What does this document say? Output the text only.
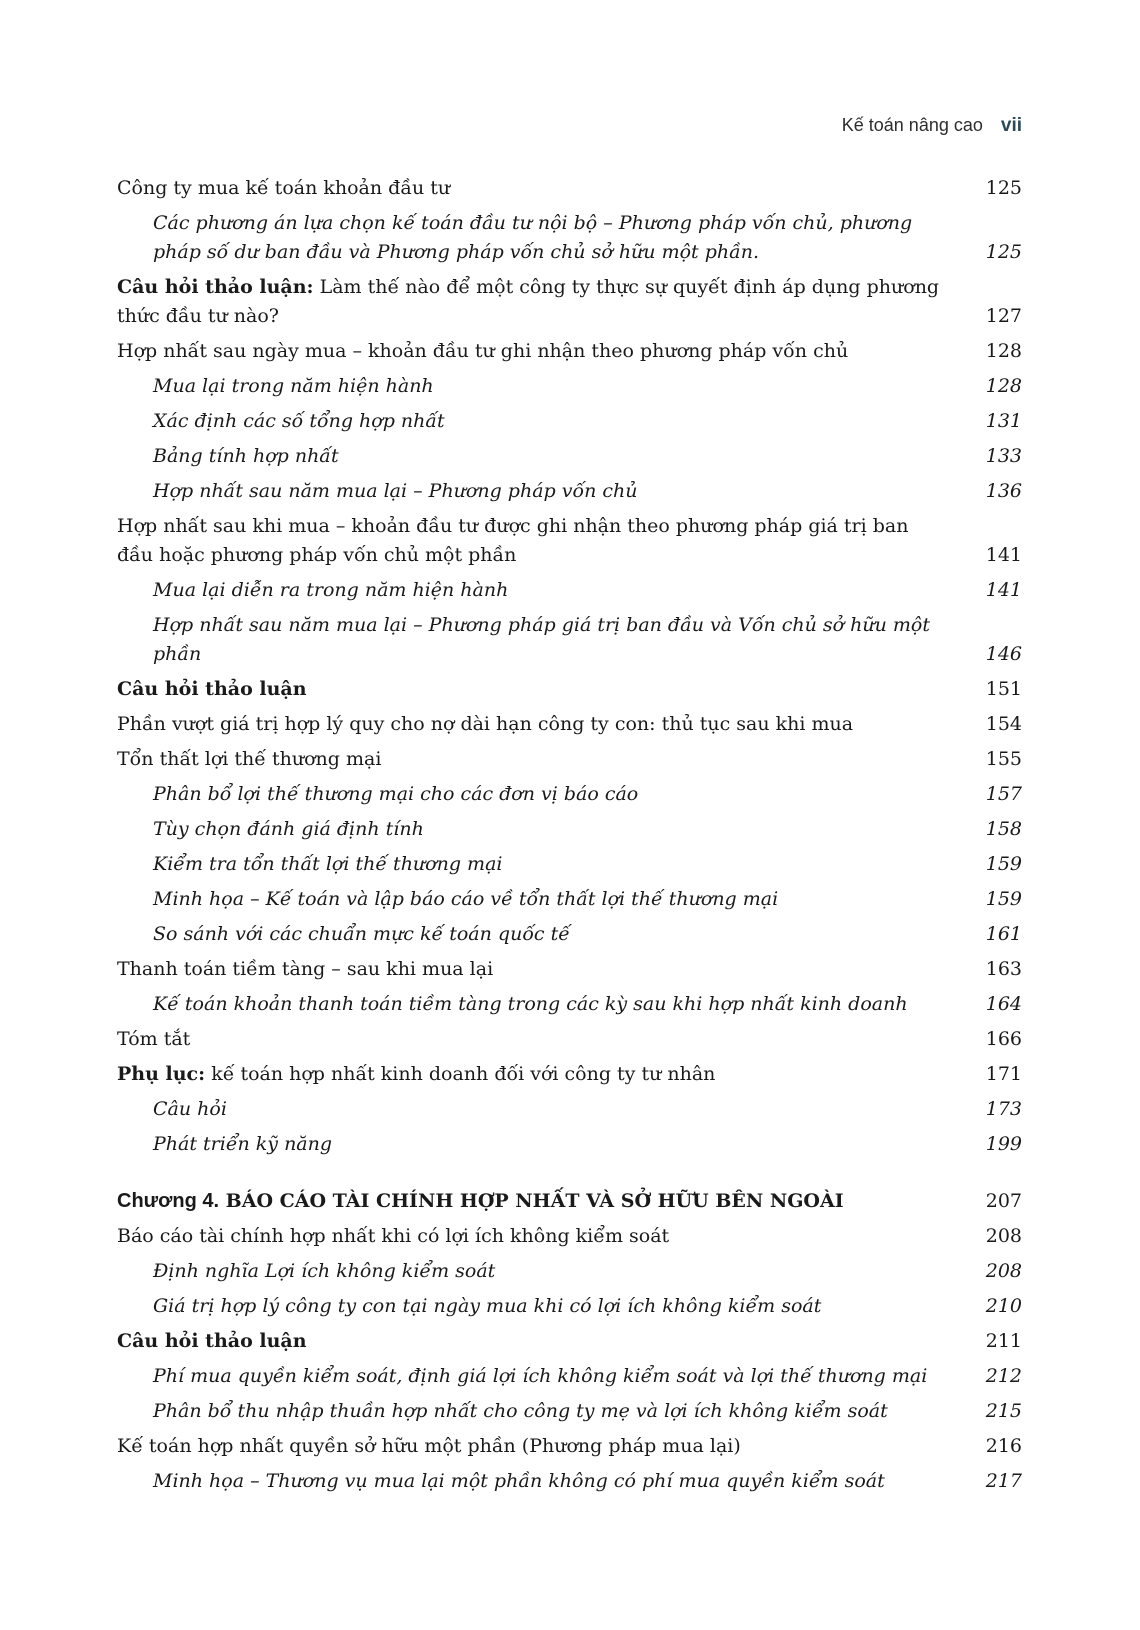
Kế toán nâng cao vii
Công ty mua kế toán khoản đầu tư	125
Các phương án lựa chọn kế toán đầu tư nội bộ – Phương pháp vốn chủ, phương pháp số dư ban đầu và Phương pháp vốn chủ sở hữu một phần.	125
Câu hỏi thảo luận: Làm thế nào để một công ty thực sự quyết định áp dụng phương thức đầu tư nào?	127
Hợp nhất sau ngày mua – khoản đầu tư ghi nhận theo phương pháp vốn chủ	128
Mua lại trong năm hiện hành	128
Xác định các số tổng hợp nhất	131
Bảng tính hợp nhất	133
Hợp nhất sau năm mua lại – Phương pháp vốn chủ	136
Hợp nhất sau khi mua – khoản đầu tư được ghi nhận theo phương pháp giá trị ban đầu hoặc phương pháp vốn chủ một phần	141
Mua lại diễn ra trong năm hiện hành	141
Hợp nhất sau năm mua lại – Phương pháp giá trị ban đầu và Vốn chủ sở hữu một phần	146
Câu hỏi thảo luận	151
Phần vượt giá trị hợp lý quy cho nợ dài hạn công ty con: thủ tục sau khi mua	154
Tổn thất lợi thế thương mại	155
Phân bổ lợi thế thương mại cho các đơn vị báo cáo	157
Tùy chọn đánh giá định tính	158
Kiểm tra tổn thất lợi thế thương mại	159
Minh họa – Kế toán và lập báo cáo về tổn thất lợi thế thương mại	159
So sánh với các chuẩn mực kế toán quốc tế	161
Thanh toán tiềm tàng – sau khi mua lại	163
Kế toán khoản thanh toán tiềm tàng trong các kỳ sau khi hợp nhất kinh doanh	164
Tóm tắt	166
Phụ lục: kế toán hợp nhất kinh doanh đối với công ty tư nhân	171
Câu hỏi	173
Phát triển kỹ năng	199
Chương 4. BÁO CÁO TÀI CHÍNH HỢP NHẤT VÀ SỞ HỮU BÊN NGOÀI	207
Báo cáo tài chính hợp nhất khi có lợi ích không kiểm soát	208
Định nghĩa Lợi ích không kiểm soát	208
Giá trị hợp lý công ty con tại ngày mua khi có lợi ích không kiểm soát	210
Câu hỏi thảo luận	211
Phí mua quyền kiểm soát, định giá lợi ích không kiểm soát và lợi thế thương mại	212
Phân bổ thu nhập thuần hợp nhất cho công ty mẹ và lợi ích không kiểm soát	215
Kế toán hợp nhất quyền sở hữu một phần (Phương pháp mua lại)	216
Minh họa – Thương vụ mua lại một phần không có phí mua quyền kiểm soát	217
